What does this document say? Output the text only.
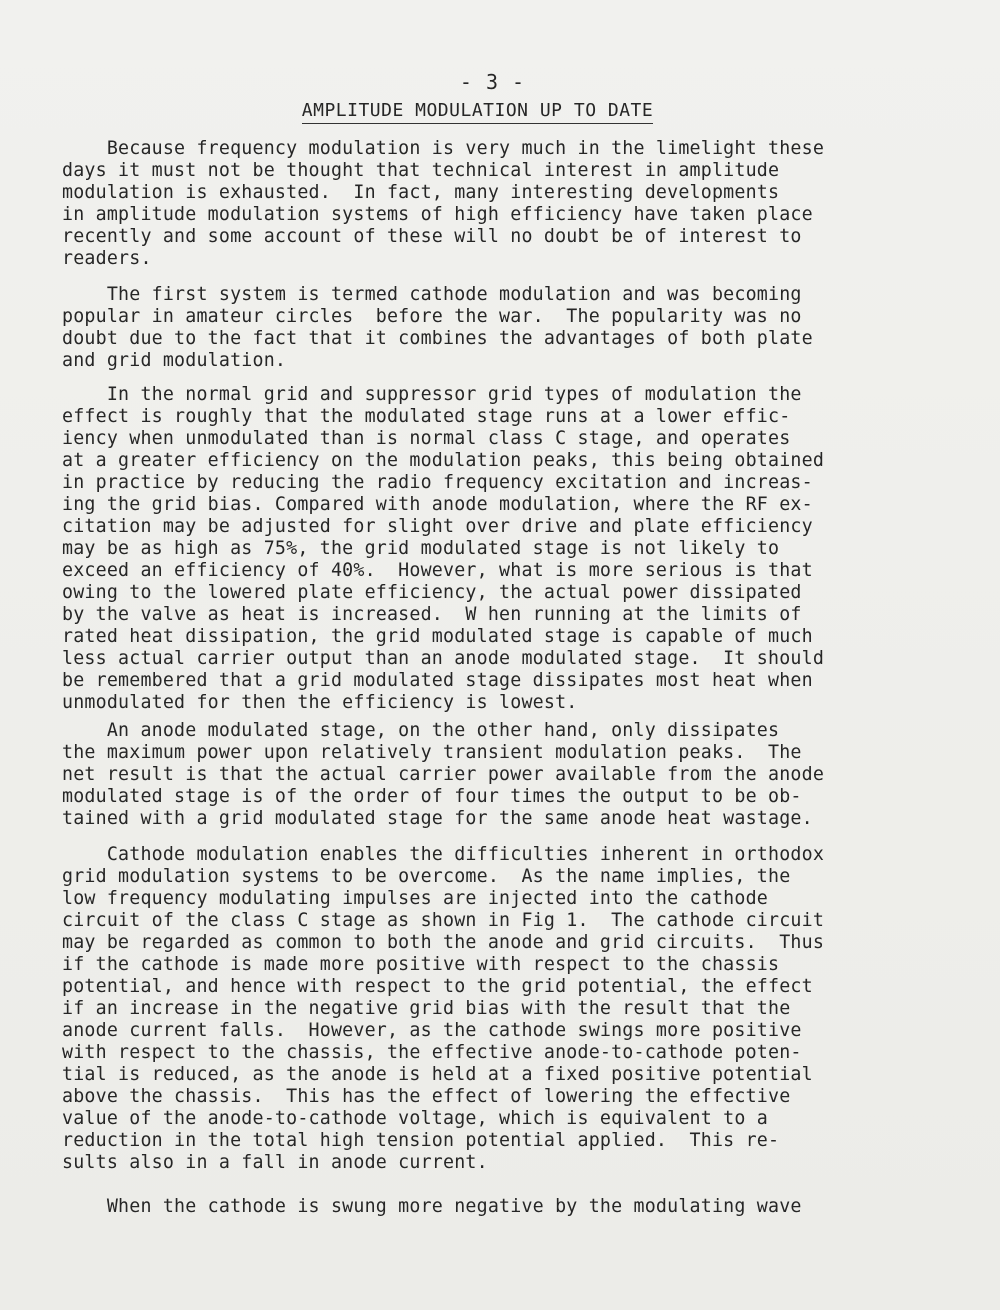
- 3 -
AMPLITUDE MODULATION UP TO DATE

Because frequency modulation is very much in the limelight these
days it must not be thought that technical interest in amplitude
modulation is exhausted.  In fact, many interesting developments
in amplitude modulation systems of high efficiency have taken place
recently and some account of these will no doubt be of interest to
readers.

The first system is termed cathode modulation and was becoming
popular in amateur circles  before the war.  The popularity was no
doubt due to the fact that it combines the advantages of both plate
and grid modulation.

In the normal grid and suppressor grid types of modulation the
effect is roughly that the modulated stage runs at a lower effic-
iency when unmodulated than is normal class C stage, and operates
at a greater efficiency on the modulation peaks, this being obtained
in practice by reducing the radio frequency excitation and increas-
ing the grid bias. Compared with anode modulation, where the RF ex-
citation may be adjusted for slight over drive and plate efficiency
may be as high as 75%, the grid modulated stage is not likely to
exceed an efficiency of 40%.  However, what is more serious is that
owing to the lowered plate efficiency, the actual power dissipated
by the valve as heat is increased.  W hen running at the limits of
rated heat dissipation, the grid modulated stage is capable of much
less actual carrier output than an anode modulated stage.  It should
be remembered that a grid modulated stage dissipates most heat when
unmodulated for then the efficiency is lowest.

An anode modulated stage, on the other hand, only dissipates
the maximum power upon relatively transient modulation peaks.  The
net result is that the actual carrier power available from the anode
modulated stage is of the order of four times the output to be ob-
tained with a grid modulated stage for the same anode heat wastage.

Cathode modulation enables the difficulties inherent in orthodox
grid modulation systems to be overcome.  As the name implies, the
low frequency modulating impulses are injected into the cathode
circuit of the class C stage as shown in Fig 1.  The cathode circuit
may be regarded as common to both the anode and grid circuits.  Thus
if the cathode is made more positive with respect to the chassis
potential, and hence with respect to the grid potential, the effect
if an increase in the negative grid bias with the result that the
anode current falls.  However, as the cathode swings more positive
with respect to the chassis, the effective anode-to-cathode poten-
tial is reduced, as the anode is held at a fixed positive potential
above the chassis.  This has the effect of lowering the effective
value of the anode-to-cathode voltage, which is equivalent to a
reduction in the total high tension potential applied.  This re-
sults also in a fall in anode current.

When the cathode is swung more negative by the modulating wave
